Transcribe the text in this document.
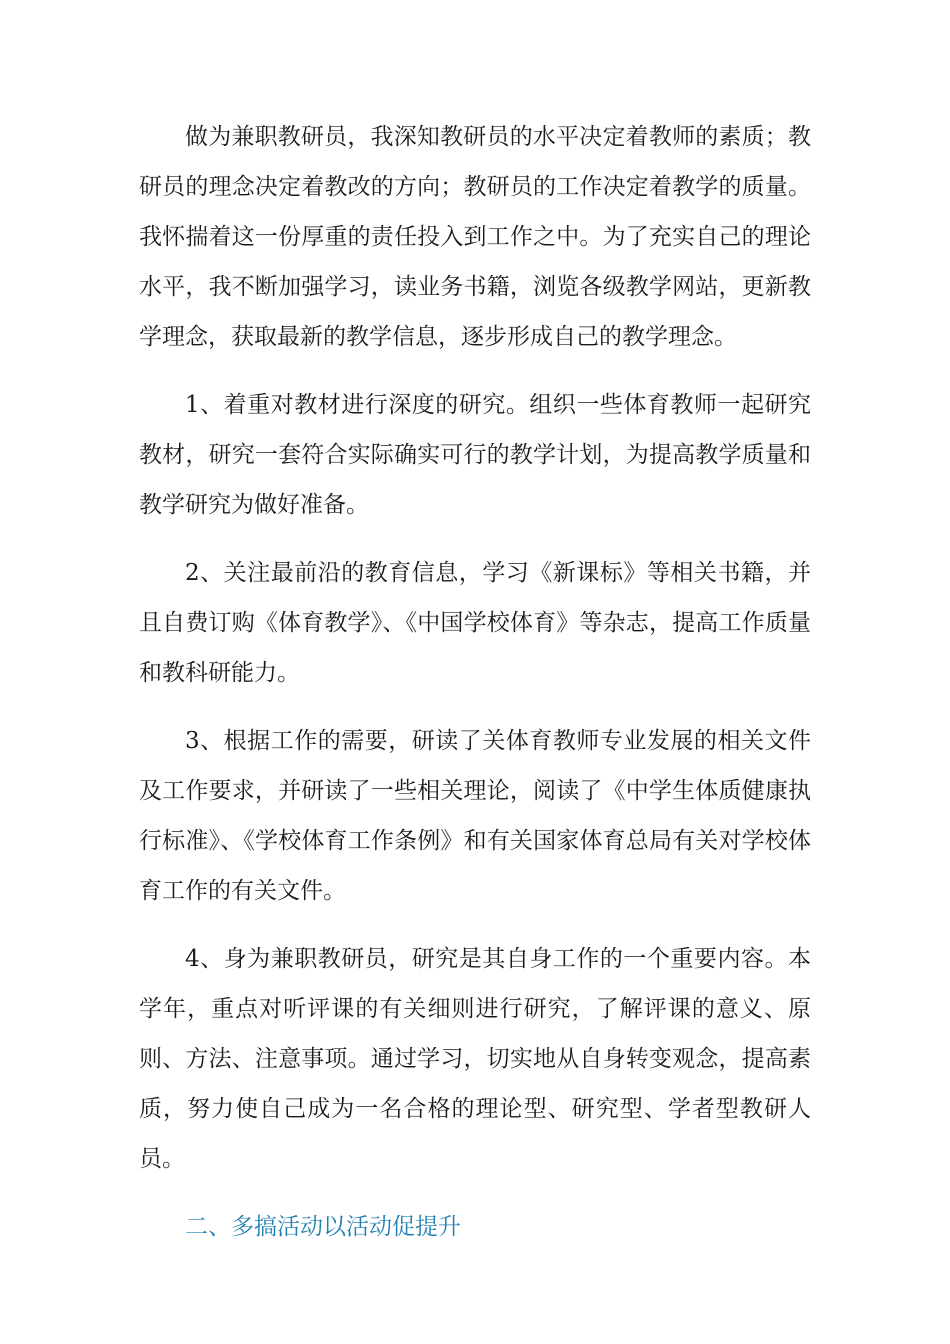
做为兼职教研员，我深知教研员的水平决定着教师的素质；教研员的理念决定着教改的方向；教研员的工作决定着教学的质量。我怀揣着这一份厚重的责任投入到工作之中。为了充实自己的理论水平，我不断加强学习，读业务书籍，浏览各级教学网站，更新教学理念，获取最新的教学信息，逐步形成自己的教学理念。

1、着重对教材进行深度的研究。组织一些体育教师一起研究教材，研究一套符合实际确实可行的教学计划，为提高教学质量和教学研究为做好准备。

2、关注最前沿的教育信息，学习《新课标》等相关书籍，并且自费订购《体育教学》、《中国学校体育》等杂志，提高工作质量和教科研能力。

3、根据工作的需要，研读了关体育教师专业发展的相关文件及工作要求，并研读了一些相关理论，阅读了《中学生体质健康执行标准》、《学校体育工作条例》和有关国家体育总局有关对学校体育工作的有关文件。

4、身为兼职教研员，研究是其自身工作的一个重要内容。本学年，重点对听评课的有关细则进行研究，了解评课的意义、原则、方法、注意事项。通过学习，切实地从自身转变观念，提高素质，努力使自己成为一名合格的理论型、研究型、学者型教研人员。

二、多搞活动以活动促提升
